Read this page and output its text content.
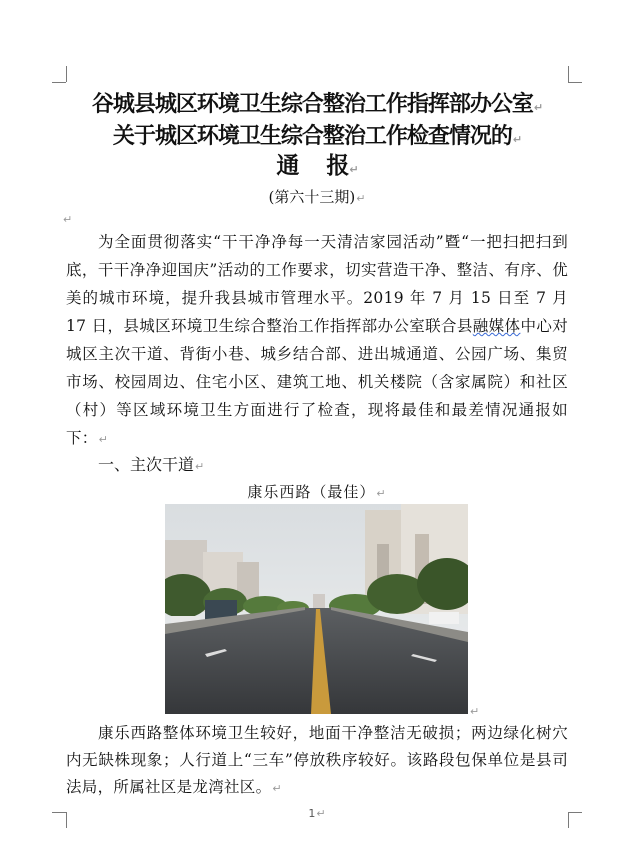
谷城县城区环境卫生综合整治工作指挥部办公室↵
关于城区环境卫生综合整治工作检查情况的↵
通 报↵
(第六十三期)↵
↵
为全面贯彻落实“干干净净每一天清洁家园活动”暨“一把扫把扫到底，干干净净迎国庆”活动的工作要求，切实营造干净、整洁、有序、优美的城市环境，提升我县城市管理水平。2019 年 7 月 15 日至 7 月 17 日，县城区环境卫生综合整治工作指挥部办公室联合县融媒体中心对城区主次干道、背街小巷、城乡结合部、进出城通道、公园广场、集贸市场、校园周边、住宅小区、建筑工地、机关楼院（含家属院）和社区（村）等区域环境卫生方面进行了检查，现将最佳和最差情况通报如下：↵
一、主次干道↵
康乐西路（最佳）↵
↵
康乐西路整体环境卫生较好，地面干净整洁无破损；两边绿化树穴内无缺株现象；人行道上“三车”停放秩序较好。该路段包保单位是县司法局，所属社区是龙湾社区。↵
1↵
